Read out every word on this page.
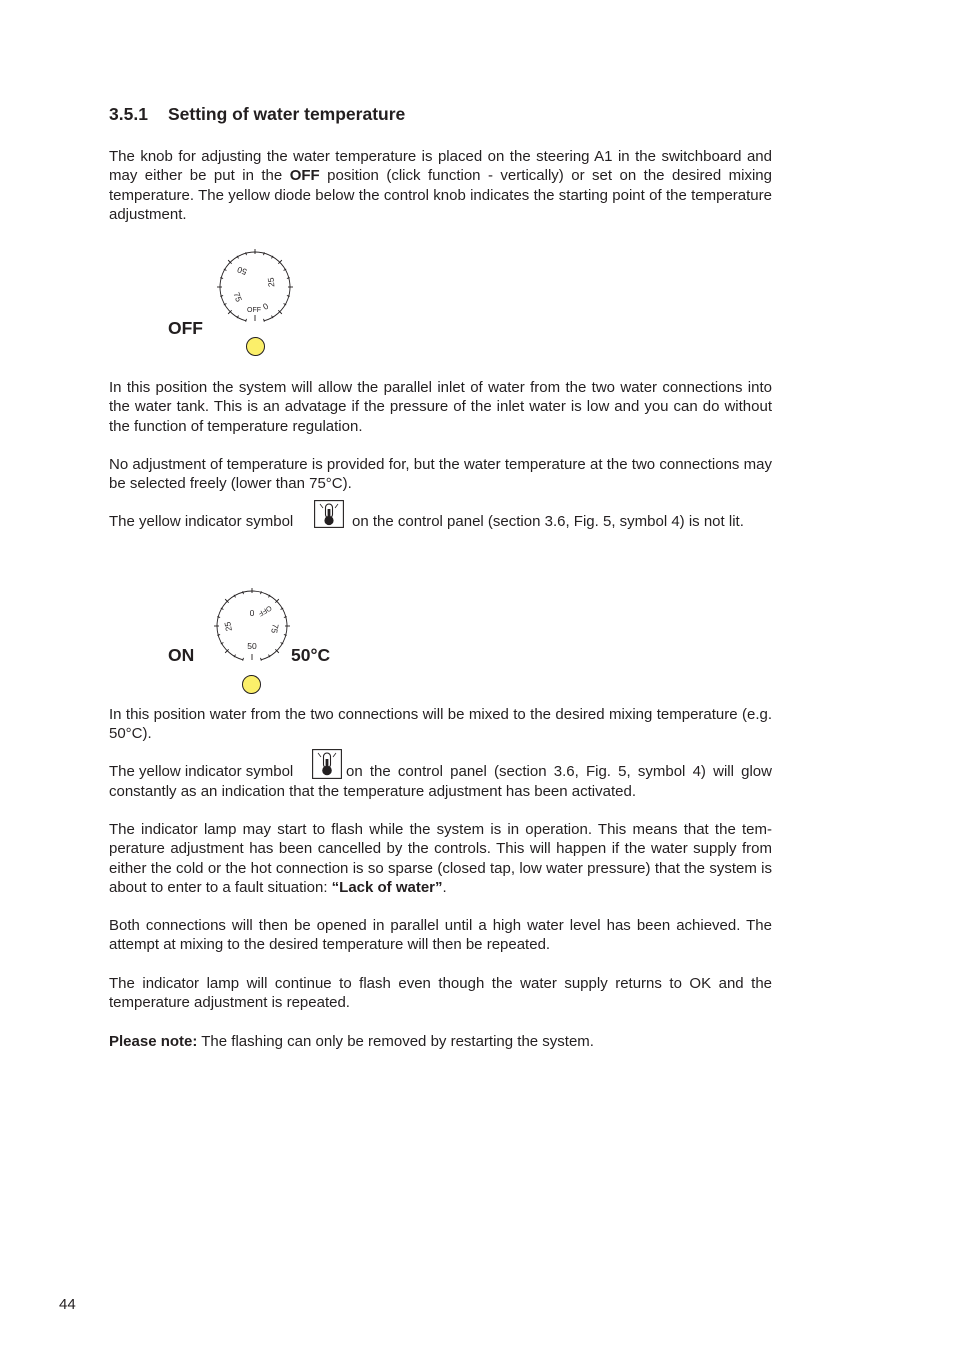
3.5.1 Setting of water temperature

The knob for adjusting the water temperature is placed on the steering A1 in the switchboard and may either be put in the OFF position (click function - vertically) or set on the desired mixing temperature. The yellow diode below the control knob indicates the starting point of the temperature adjustment.

50
25
0
OFF
75
OFF

In this position the system will allow the parallel inlet of water from the two water connections into the water tank. This is an advatage if the pressure of the inlet water is low and you can do without the function of temperature regulation.

No adjustment of temperature is provided for, but the water temperature at the two connections may be selected freely (lower than 75°C).

The yellow indicator symbol	on the control panel (section 3.6, Fig. 5, symbol 4) is not lit.
0 OFF
75
50
25
ON	50°C

In this position water from the two connections will be mixed to the desired mixing temperature (e.g. 50°C).

The yellow indicator symbol	on the control panel (section 3.6, Fig. 5, symbol 4) will glow
constantly as an indication that the temperature adjustment has been activated.

The indicator lamp may start to flash while the system is in operation. This means that the tem-perature adjustment has been cancelled by the controls. This will happen if the water supply from either the cold or the hot connection is so sparse (closed tap, low water pressure) that the system is about to enter to a fault situation: “Lack of water”.

Both connections will then be opened in parallel until a high water level has been achieved. The attempt at mixing to the desired temperature will then be repeated.

The indicator lamp will continue to flash even though the water supply returns to OK and the temperature adjustment is repeated.

Please note: The flashing can only be removed by restarting the system.

44
